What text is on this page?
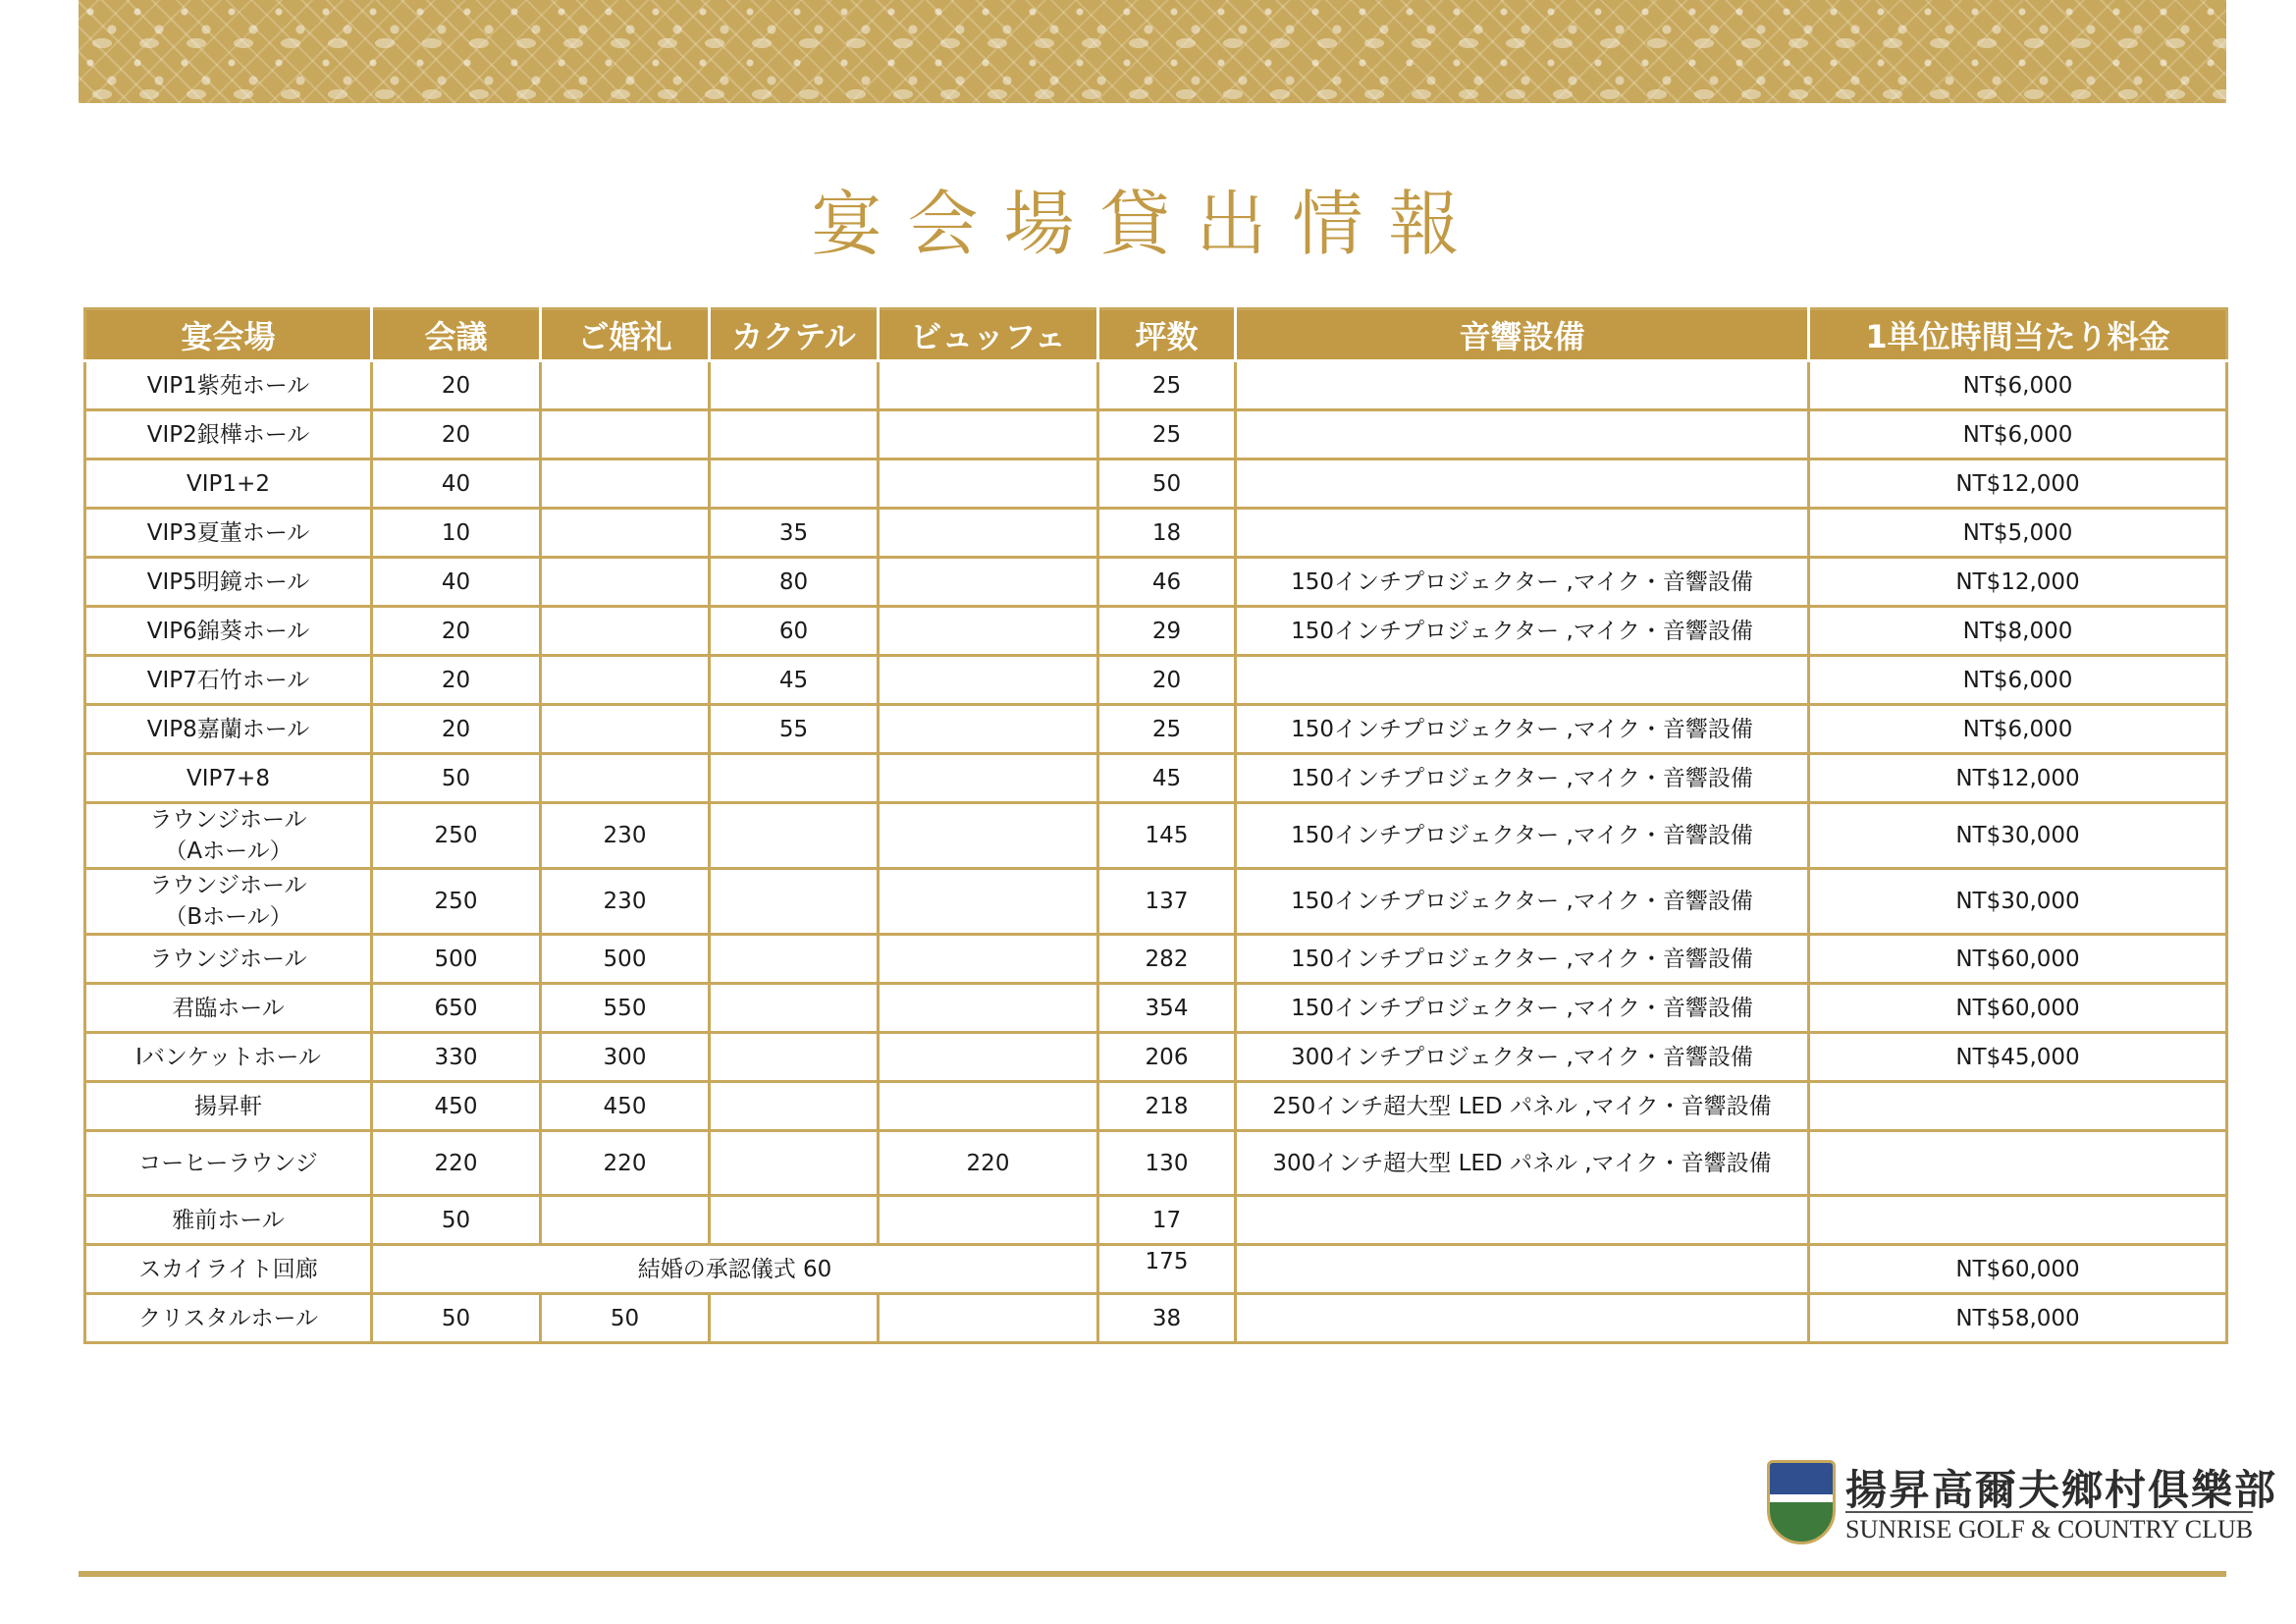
宴会場貸出情報
宴会場	会議	ご婚礼	カクテル	ビュッフェ	坪数	音響設備	1単位時間当たり料金
VIP1紫苑ホール	20				25		NT$6,000
VIP2銀樺ホール	20				25		NT$6,000
VIP1+2	40				50		NT$12,000
VIP3夏董ホール	10		35		18		NT$5,000
VIP5明鏡ホール	40		80		46	150インチプロジェクター ,マイク・音響設備	NT$12,000
VIP6錦葵ホール	20		60		29	150インチプロジェクター ,マイク・音響設備	NT$8,000
VIP7石竹ホール	20		45		20		NT$6,000
VIP8嘉蘭ホール	20		55		25	150インチプロジェクター ,マイク・音響設備	NT$6,000
VIP7+8	50				45	150インチプロジェクター ,マイク・音響設備	NT$12,000
ラウンジホール
（Aホール）	250	230			145	150インチプロジェクター ,マイク・音響設備	NT$30,000
ラウンジホール
（Bホール）	250	230			137	150インチプロジェクター ,マイク・音響設備	NT$30,000
ラウンジホール	500	500			282	150インチプロジェクター ,マイク・音響設備	NT$60,000
君臨ホール	650	550			354	150インチプロジェクター ,マイク・音響設備	NT$60,000
Iバンケットホール	330	300			206	300インチプロジェクター ,マイク・音響設備	NT$45,000
揚昇軒	450	450			218	250インチ超大型 LED パネル ,マイク・音響設備	
コーヒーラウンジ	220	220		220	130	300インチ超大型 LED パネル ,マイク・音響設備	
雅前ホール	50				17		
スカイライト回廊	結婚の承認儀式 60				175		NT$60,000
クリスタルホール	50	50			38		NT$58,000
揚昇高爾夫鄉村俱樂部
SUNRISE GOLF & COUNTRY CLUB
